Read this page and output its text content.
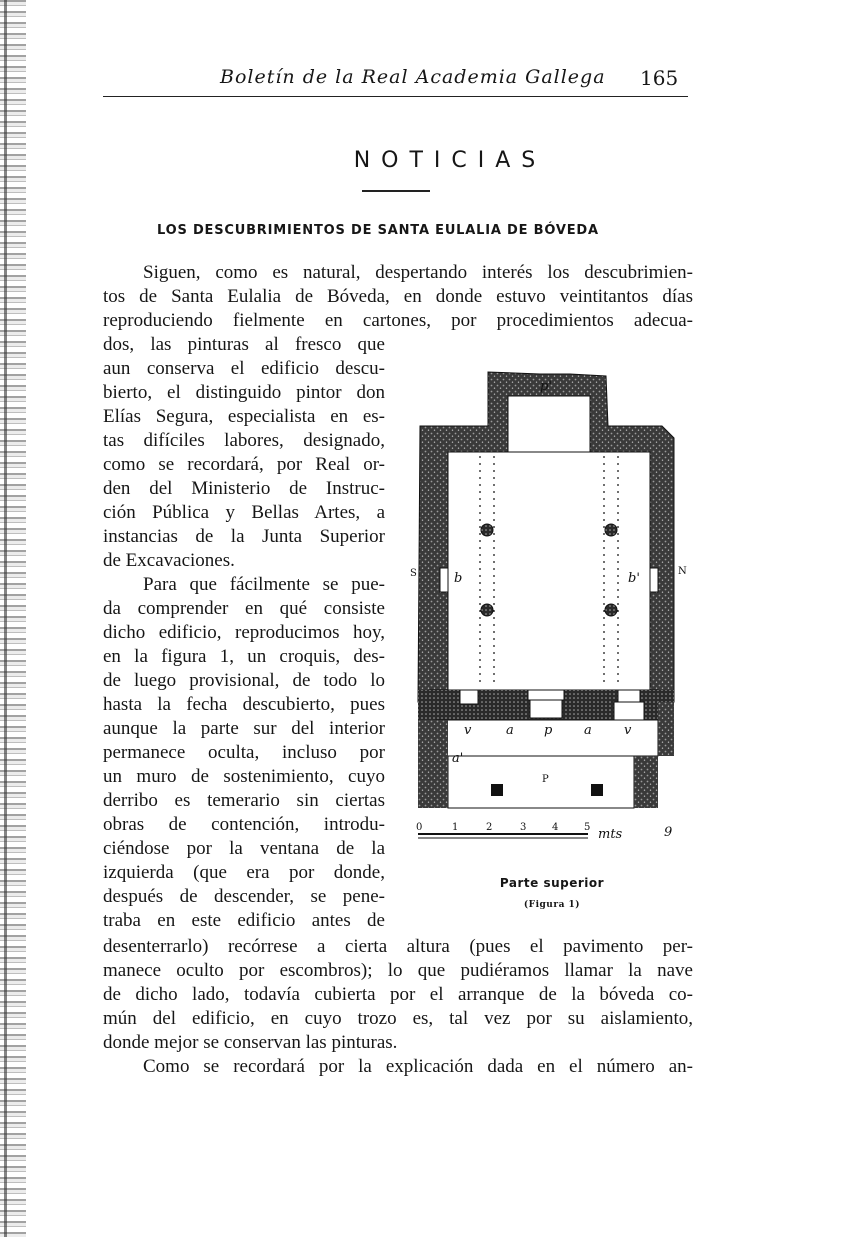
Boletín de la Real Academia Gallega 165
NOTICIAS
LOS DESCUBRIMIENTOS DE SANTA EULALIA DE BÓVEDA
Siguen, como es natural, despertando interés los descubrimien-
tos de Santa Eulalia de Bóveda, en donde estuvo veintitantos días
reproduciendo fielmente en cartones, por procedimientos adecua-
dos, las pinturas al fresco que
aun conserva el edificio descu-
bierto, el distinguido pintor don
Elías Segura, especialista en es-
tas difíciles labores, designado,
como se recordará, por Real or-
den del Ministerio de Instruc-
ción Pública y Bellas Artes, a
instancias de la Junta Superior
de Excavaciones.
Para que fácilmente se pue-
da comprender en qué consiste
dicho edificio, reproducimos hoy,
en la figura 1, un croquis, des-
de luego provisional, de todo lo
hasta la fecha descubierto, pues
aunque la parte sur del interior
permanece oculta, incluso por
un muro de sostenimiento, cuyo
derribo es temerario sin ciertas
obras de contención, introdu-
ciéndose por la ventana de la
izquierda (que era por donde,
después de descender, se pene-
traba en este edificio antes de
desenterrarlo) recórrese a cierta altura (pues el pavimento per-
manece oculto por escombros); lo que pudiéramos llamar la nave
de dicho lado, todavía cubierta por el arranque de la bóveda co-
mún del edificio, en cuyo trozo es, tal vez por su aislamiento,
donde mejor se conservan las pinturas.
Como se recordará por la explicación dada en el número an-
p'
S	N
b	b'
v	a p a v
a'
P
0	1	2	3	4	5 mts	9
Parte superior
(Figura 1)
